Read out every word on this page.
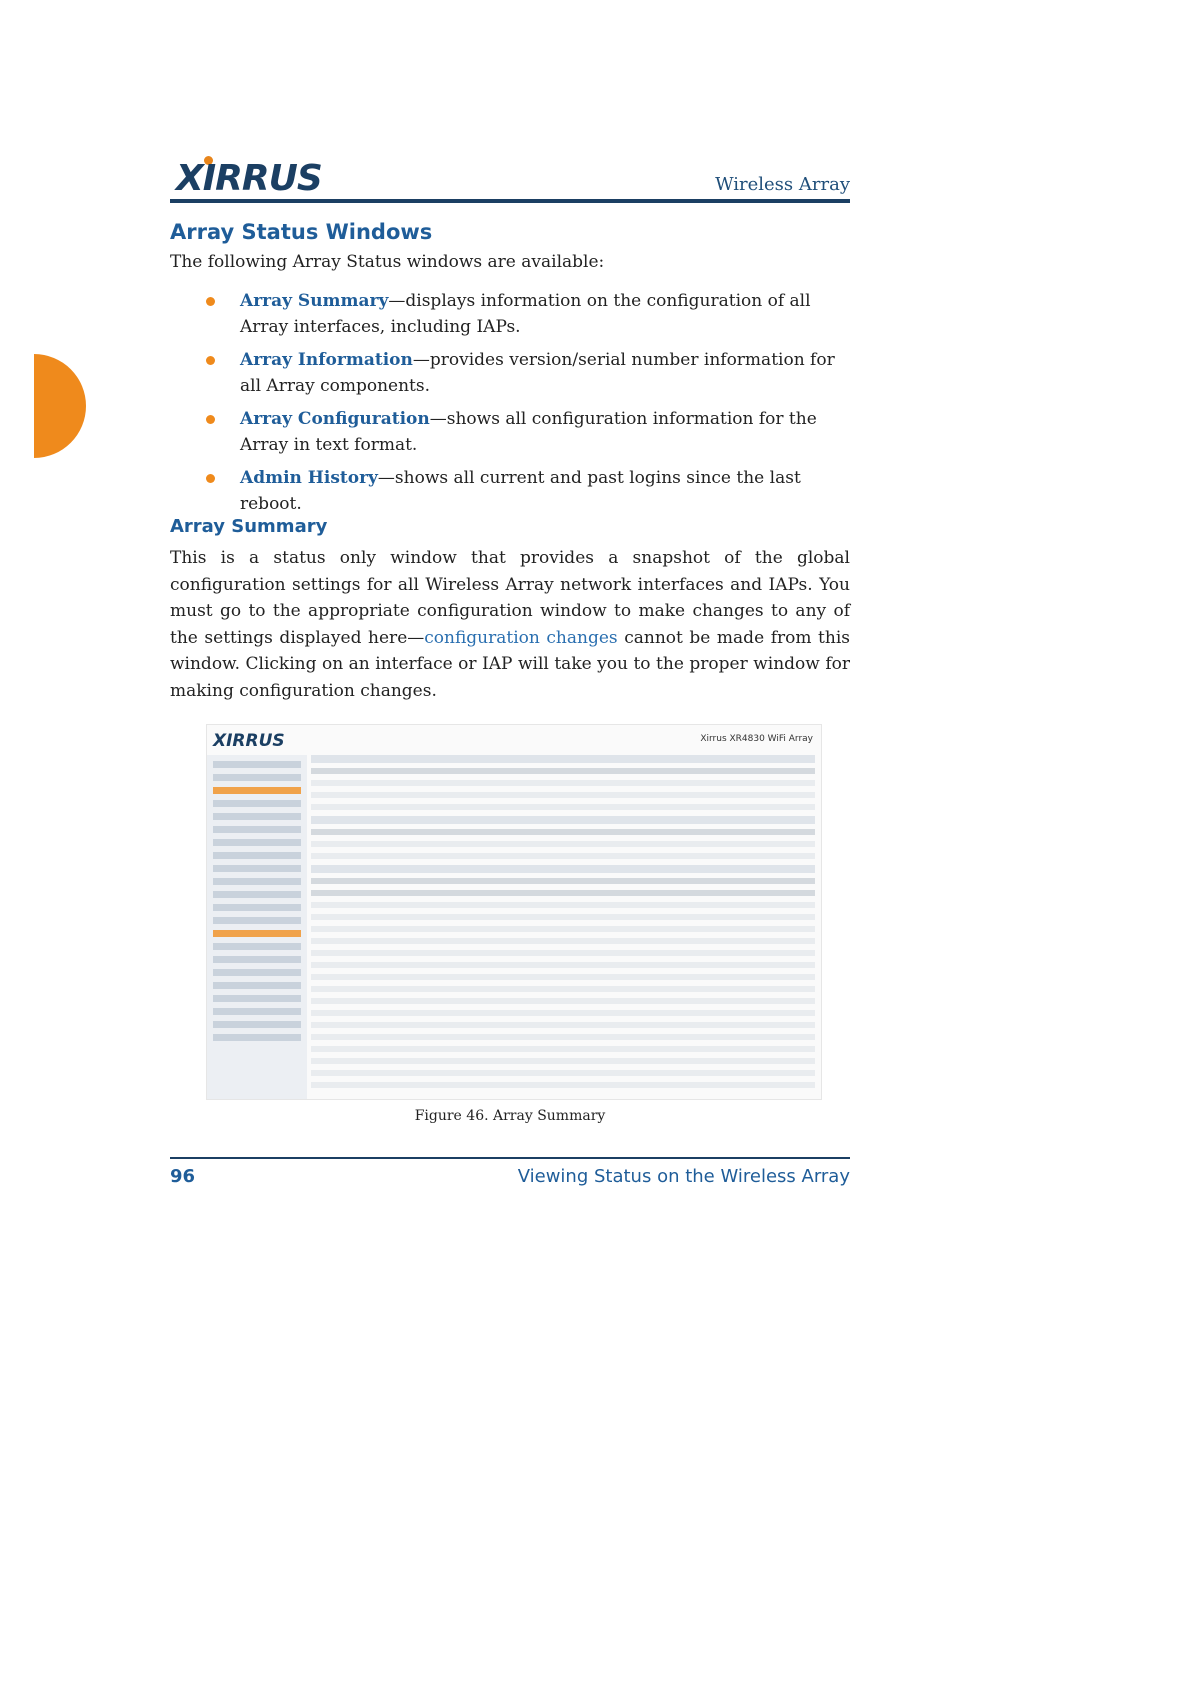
XIRRUS	Wireless Array
Array Status Windows
The following Array Status windows are available:
Array Summary—displays information on the configuration of all Array interfaces, including IAPs.
Array Information—provides version/serial number information for all Array components.
Array Configuration—shows all configuration information for the Array in text format.
Admin History—shows all current and past logins since the last reboot.
Array Summary
This is a status only window that provides a snapshot of the global configuration settings for all Wireless Array network interfaces and IAPs. You must go to the appropriate configuration window to make changes to any of the settings displayed here—configuration changes cannot be made from this window. Clicking on an interface or IAP will take you to the proper window for making configuration changes.
XIRRUS	Xirrus XR4830 WiFi Array
Figure 46. Array Summary
96	Viewing Status on the Wireless Array
